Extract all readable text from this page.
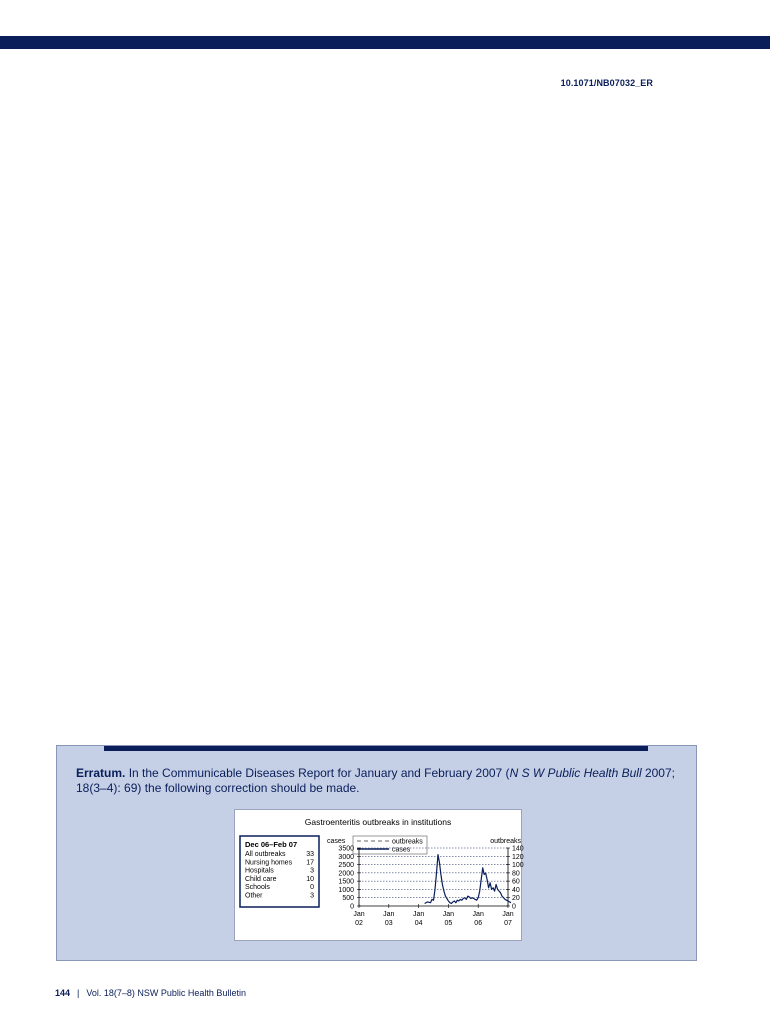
10.1071/NB07032_ER
Erratum. In the Communicable Diseases Report for January and February 2007 (N S W Public Health Bull 2007; 18(3–4): 69) the following correction should be made.
Gastroenteritis outbreaks in institutions
Dec 06–Feb 07
All outbreaks	33
Nursing homes 17
Hospitals	3
Child care	10
Schools	0
Other	3
cases	outbreaks
outbreaks
cases
3500
3000
2500
2000
1500
1000
500
0
140
120
100
80
60
40
20
0
Jan
02
Jan
03
Jan
04
Jan
05
Jan
06
Jan
07
144 | Vol. 18(7–8) NSW Public Health Bulletin
